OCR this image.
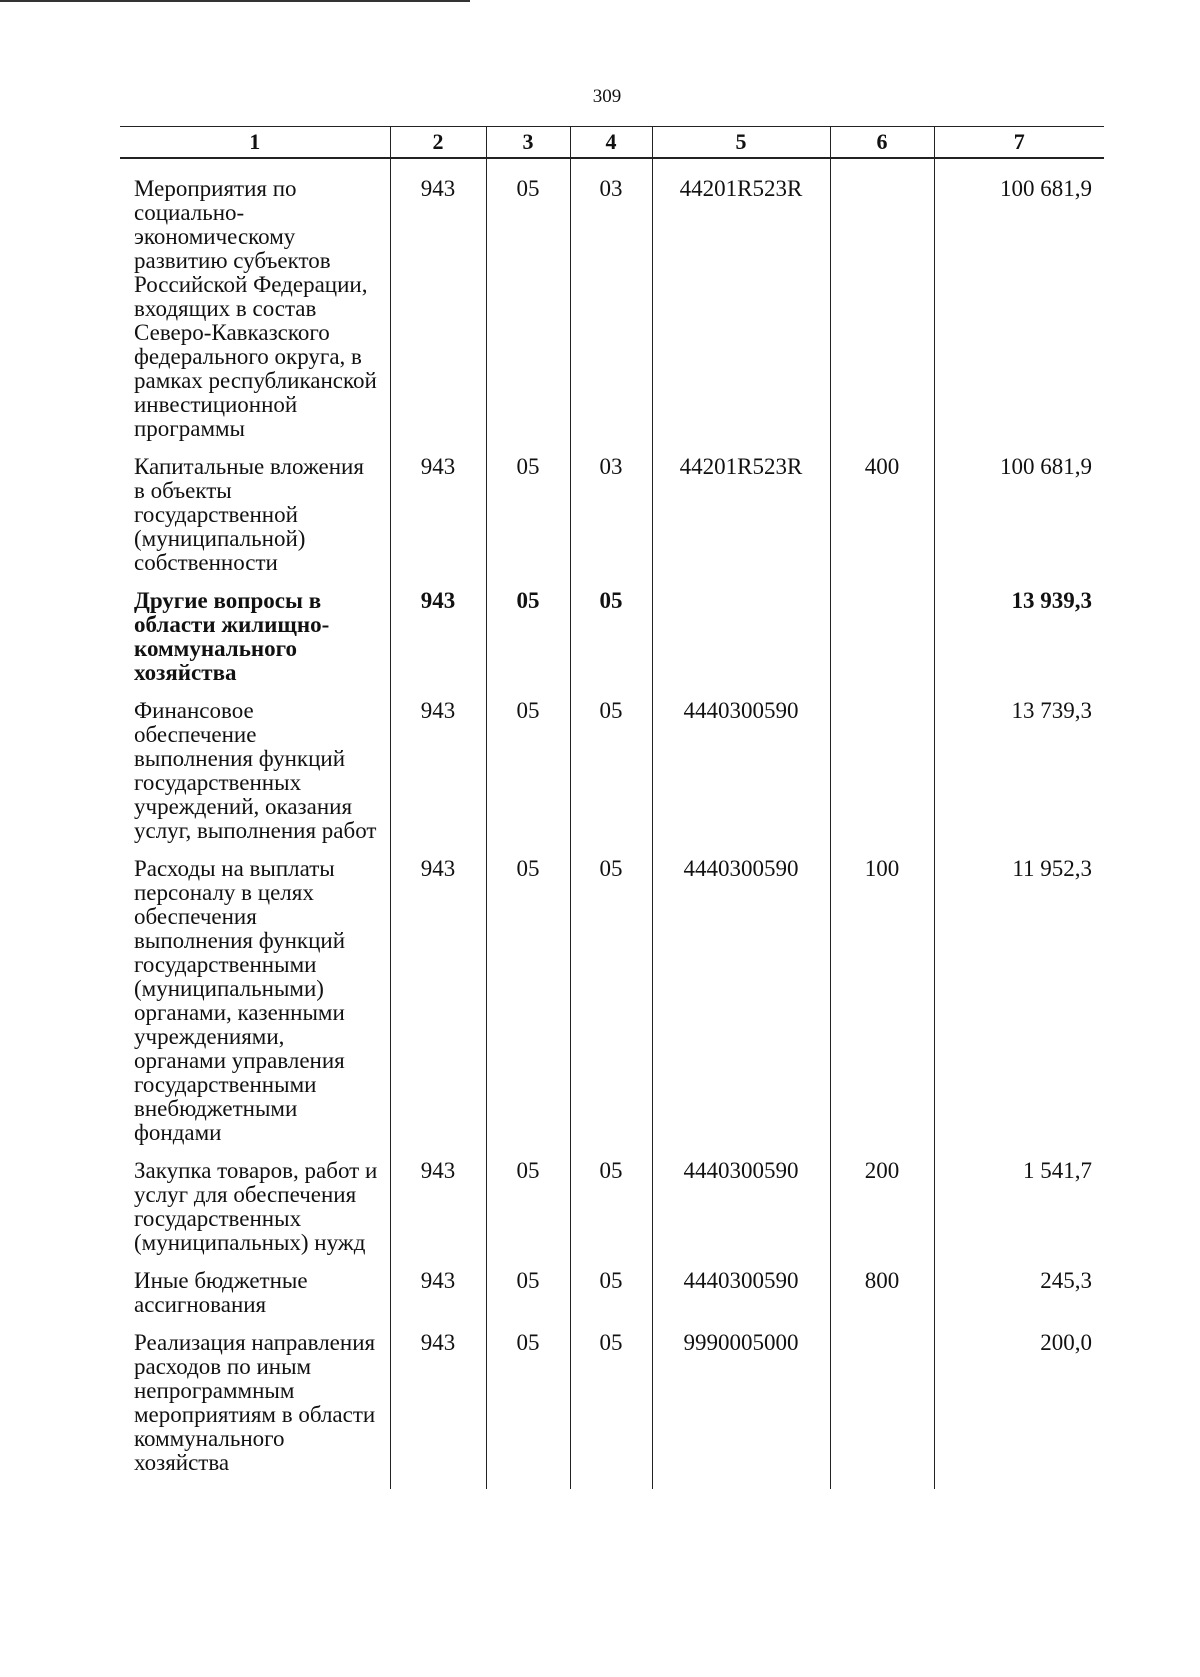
309
1	2	3	4	5	6	7

Мероприятия по социально-экономическому развитию субъектов Российской Федерации, входящих в состав Северо-Кавказского федерального округа, в рамках республиканской инвестиционной программы	943	05	03	44201R523R		100 681,9
Капитальные вложения в объекты государственной (муниципальной) собственности	943	05	03	44201R523R	400	100 681,9
Другие вопросы в области жилищно-коммунального хозяйства	943	05	05			13 939,3
Финансовое обеспечение выполнения функций государственных учреждений, оказания услуг, выполнения работ	943	05	05	4440300590		13 739,3
Расходы на выплаты персоналу в целях обеспечения выполнения функций государственными (муниципальными) органами, казенными учреждениями, органами управления государственными внебюджетными фондами	943	05	05	4440300590	100	11 952,3
Закупка товаров, работ и услуг для обеспечения государственных (муниципальных) нужд	943	05	05	4440300590	200	1 541,7
Иные бюджетные ассигнования	943	05	05	4440300590	800	245,3
Реализация направления расходов по иным непрограммным мероприятиям в области коммунального хозяйства	943	05	05	9990005000		200,0
